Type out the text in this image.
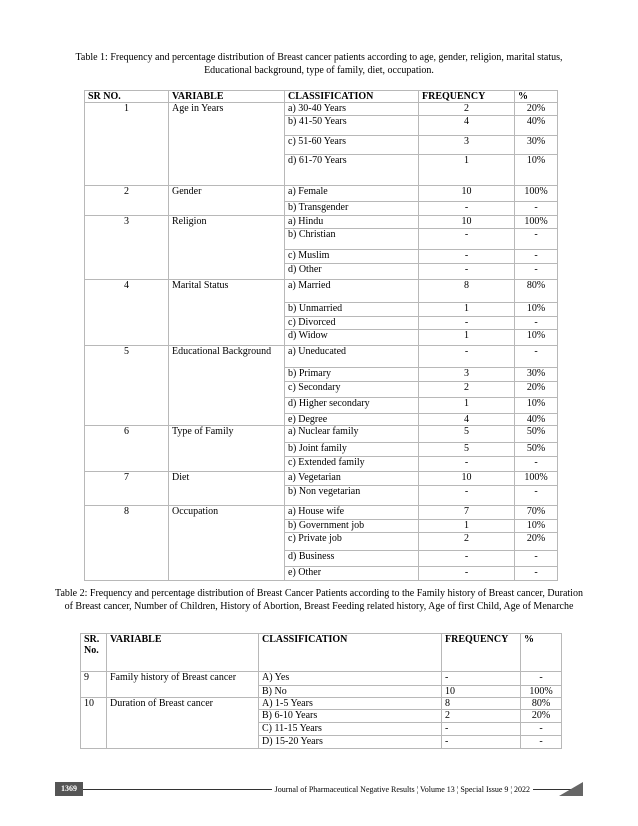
Table 1: Frequency and percentage distribution of Breast cancer patients according to age, gender, religion, marital status, Educational background, type of family, diet, occupation.
SR NO.	VARIABLE	CLASSIFICATION	FREQUENCY	%
1	Age in Years	a) 30-40 Years	2	20%
		b) 41-50 Years	4	40%
		c) 51-60 Years	3	30%
		d) 61-70 Years	1	10%
2	Gender	a) Female	10	100%
		b) Transgender	-	-
3	Religion	a) Hindu	10	100%
		b) Christian	-	-
		c) Muslim	-	-
		d) Other	-	-
4	Marital Status	a) Married	8	80%
		b) Unmarried	1	10%
		c) Divorced	-	-
		d) Widow	1	10%
5	Educational Background	a) Uneducated	-	-
		b) Primary	3	30%
		c) Secondary	2	20%
		d) Higher secondary	1	10%
		e) Degree	4	40%
6	Type of Family	a) Nuclear family	5	50%
		b) Joint family	5	50%
		c) Extended family	-	-
7	Diet	a) Vegetarian	10	100%
		b) Non vegetarian	-	-
8	Occupation	a) House wife	7	70%
		b) Government job	1	10%
		c) Private job	2	20%
		d) Business	-	-
		e) Other	-	-
Table 2: Frequency and percentage distribution of Breast Cancer Patients according to the Family history of Breast cancer, Duration of Breast cancer, Number of Children, History of Abortion, Breast Feeding related history, Age of first Child, Age of Menarche
SR. No.	VARIABLE	CLASSIFICATION	FREQUENCY	%
9	Family history of Breast cancer	A) Yes	-	-
		B) No	10	100%
10	Duration of Breast cancer	A) 1-5 Years	8	80%
		B) 6-10 Years	2	20%
		C) 11-15 Years	-	-
		D) 15-20 Years	-	-
1369	Journal of Pharmaceutical Negative Results ¦ Volume 13 ¦ Special Issue 9 ¦ 2022
